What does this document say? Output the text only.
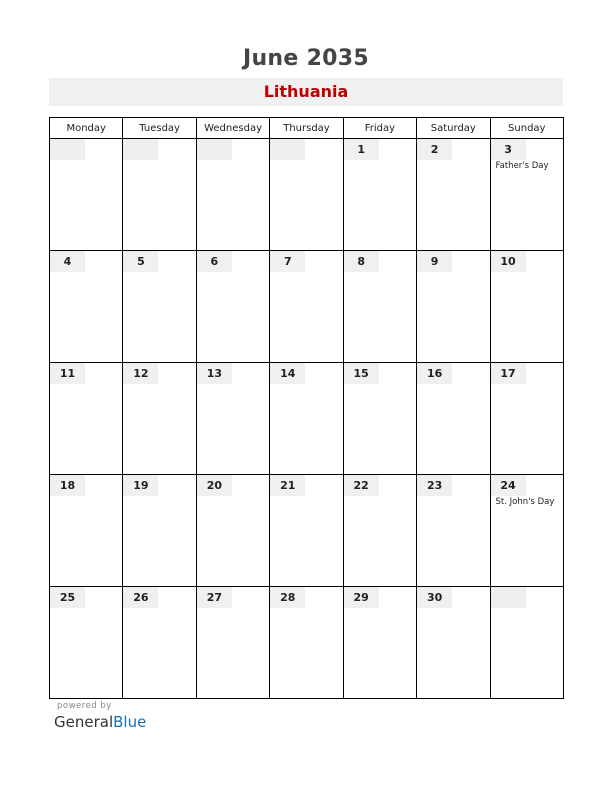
June 2035
Lithuania
Monday	Tuesday	Wednesday	Thursday	Friday	Saturday	Sunday

				1	2	3
Father's Day

4	5	6	7	8	9	10

11	12	13	14	15	16	17

18	19	20	21	22	23	24
St. John's Day

25	26	27	28	29	30	

powered by
GeneralBlue
